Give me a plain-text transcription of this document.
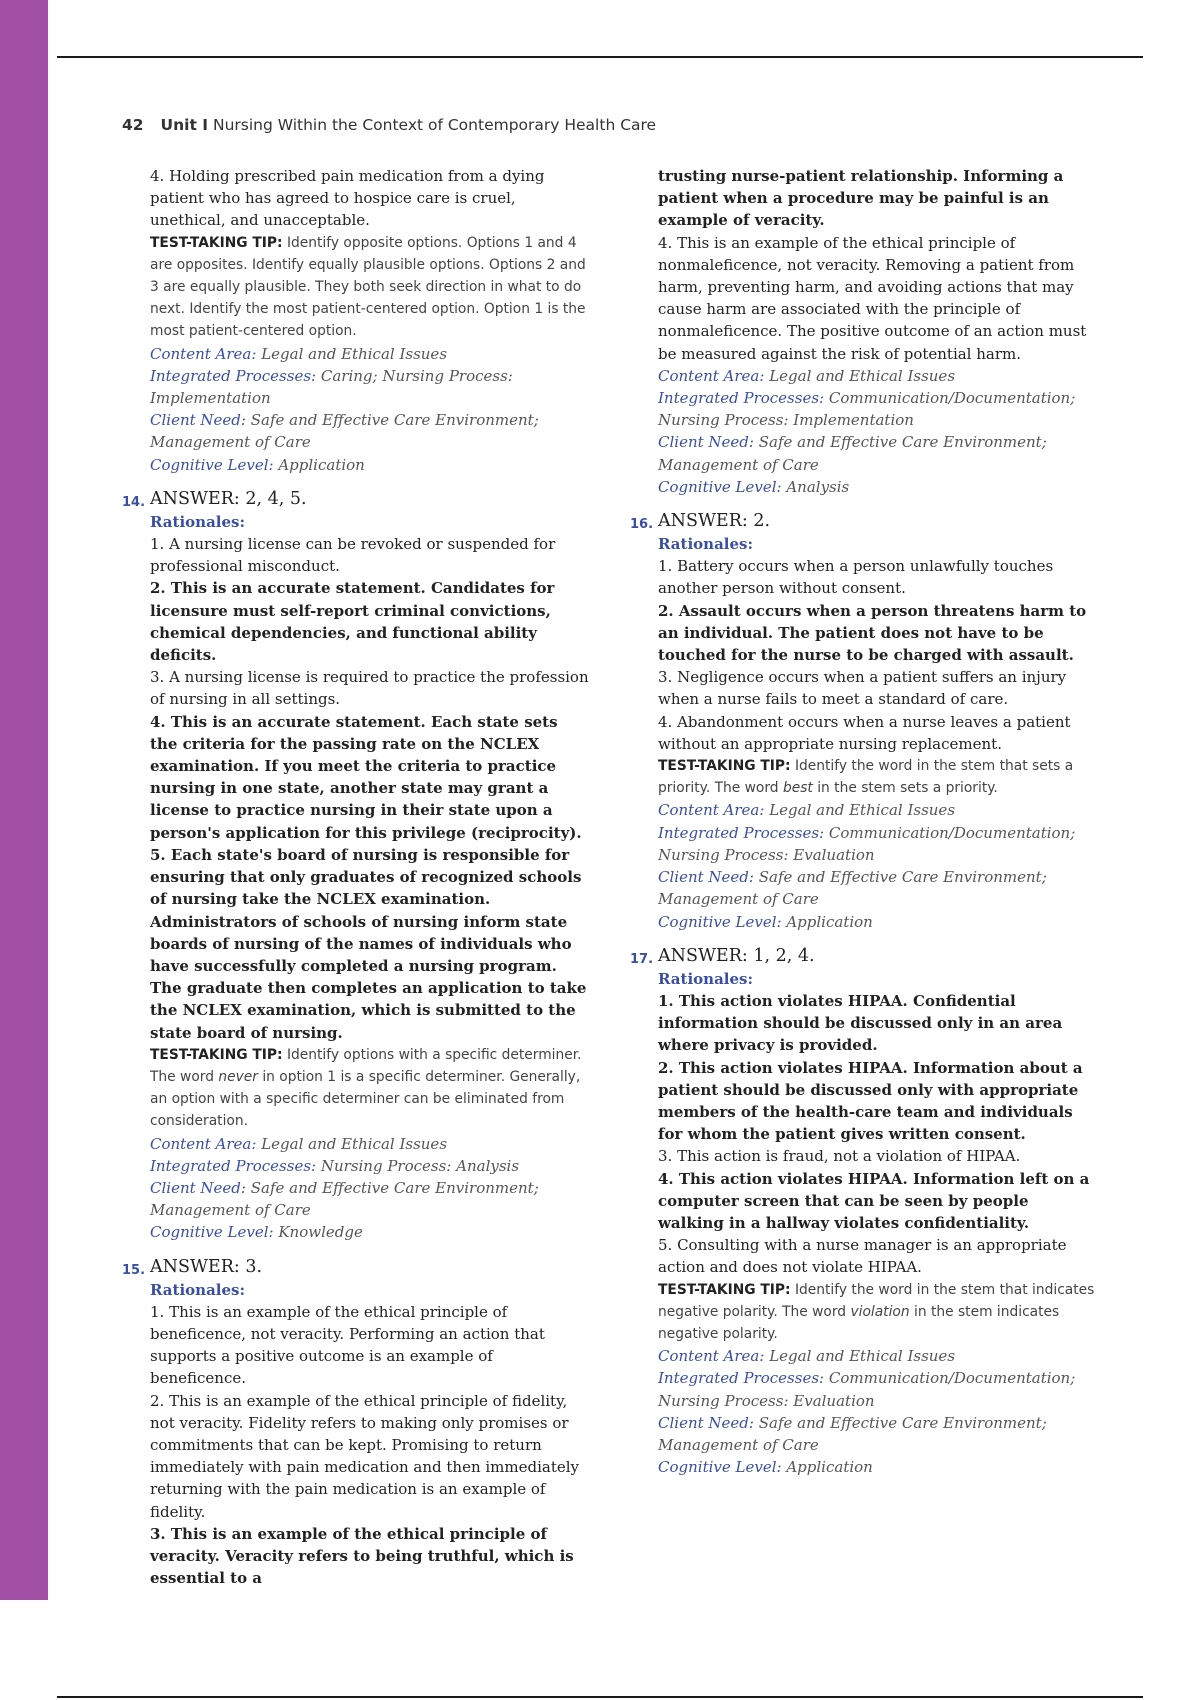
42 Unit I Nursing Within the Context of Contemporary Health Care

4. Holding prescribed pain medication from a dying patient who has agreed to hospice care is cruel, unethical, and unacceptable.

TEST-TAKING TIP: Identify opposite options. Options 1 and 4 are opposites. Identify equally plausible options. Options 2 and 3 are equally plausible. They both seek direction in what to do next. Identify the most patient-centered option. Option 1 is the most patient-centered option.

Content Area: Legal and Ethical Issues

Integrated Processes: Caring; Nursing Process: Implementation

Client Need: Safe and Effective Care Environment; Management of Care

Cognitive Level: Application

14. ANSWER: 2, 4, 5.

Rationales:

1. A nursing license can be revoked or suspended for professional misconduct.

2. This is an accurate statement. Candidates for licensure must self-report criminal convictions, chemical dependencies, and functional ability deficits.

3. A nursing license is required to practice the profession of nursing in all settings.

4. This is an accurate statement. Each state sets the criteria for the passing rate on the NCLEX examination. If you meet the criteria to practice nursing in one state, another state may grant a license to practice nursing in their state upon a person's application for this privilege (reciprocity).

5. Each state's board of nursing is responsible for ensuring that only graduates of recognized schools of nursing take the NCLEX examination. Administrators of schools of nursing inform state boards of nursing of the names of individuals who have successfully completed a nursing program. The graduate then completes an application to take the NCLEX examination, which is submitted to the state board of nursing.

TEST-TAKING TIP: Identify options with a specific determiner. The word never in option 1 is a specific determiner. Generally, an option with a specific determiner can be eliminated from consideration.

Content Area: Legal and Ethical Issues

Integrated Processes: Nursing Process: Analysis

Client Need: Safe and Effective Care Environment; Management of Care

Cognitive Level: Knowledge

15. ANSWER: 3.

Rationales:

1. This is an example of the ethical principle of beneficence, not veracity. Performing an action that supports a positive outcome is an example of beneficence.

2. This is an example of the ethical principle of fidelity, not veracity. Fidelity refers to making only promises or commitments that can be kept. Promising to return immediately with pain medication and then immediately returning with the pain medication is an example of fidelity.

3. This is an example of the ethical principle of veracity. Veracity refers to being truthful, which is essential to a

trusting nurse-patient relationship. Informing a patient when a procedure may be painful is an example of veracity.

4. This is an example of the ethical principle of nonmaleficence, not veracity. Removing a patient from harm, preventing harm, and avoiding actions that may cause harm are associated with the principle of nonmaleficence. The positive outcome of an action must be measured against the risk of potential harm.

Content Area: Legal and Ethical Issues

Integrated Processes: Communication/Documentation; Nursing Process: Implementation

Client Need: Safe and Effective Care Environment; Management of Care

Cognitive Level: Analysis

16. ANSWER: 2.

Rationales:

1. Battery occurs when a person unlawfully touches another person without consent.

2. Assault occurs when a person threatens harm to an individual. The patient does not have to be touched for the nurse to be charged with assault.

3. Negligence occurs when a patient suffers an injury when a nurse fails to meet a standard of care.

4. Abandonment occurs when a nurse leaves a patient without an appropriate nursing replacement.

TEST-TAKING TIP: Identify the word in the stem that sets a priority. The word best in the stem sets a priority.

Content Area: Legal and Ethical Issues

Integrated Processes: Communication/Documentation; Nursing Process: Evaluation

Client Need: Safe and Effective Care Environment; Management of Care

Cognitive Level: Application

17. ANSWER: 1, 2, 4.

Rationales:

1. This action violates HIPAA. Confidential information should be discussed only in an area where privacy is provided.

2. This action violates HIPAA. Information about a patient should be discussed only with appropriate members of the health-care team and individuals for whom the patient gives written consent.

3. This action is fraud, not a violation of HIPAA.

4. This action violates HIPAA. Information left on a computer screen that can be seen by people walking in a hallway violates confidentiality.

5. Consulting with a nurse manager is an appropriate action and does not violate HIPAA.

TEST-TAKING TIP: Identify the word in the stem that indicates negative polarity. The word violation in the stem indicates negative polarity.

Content Area: Legal and Ethical Issues

Integrated Processes: Communication/Documentation; Nursing Process: Evaluation

Client Need: Safe and Effective Care Environment; Management of Care

Cognitive Level: Application
